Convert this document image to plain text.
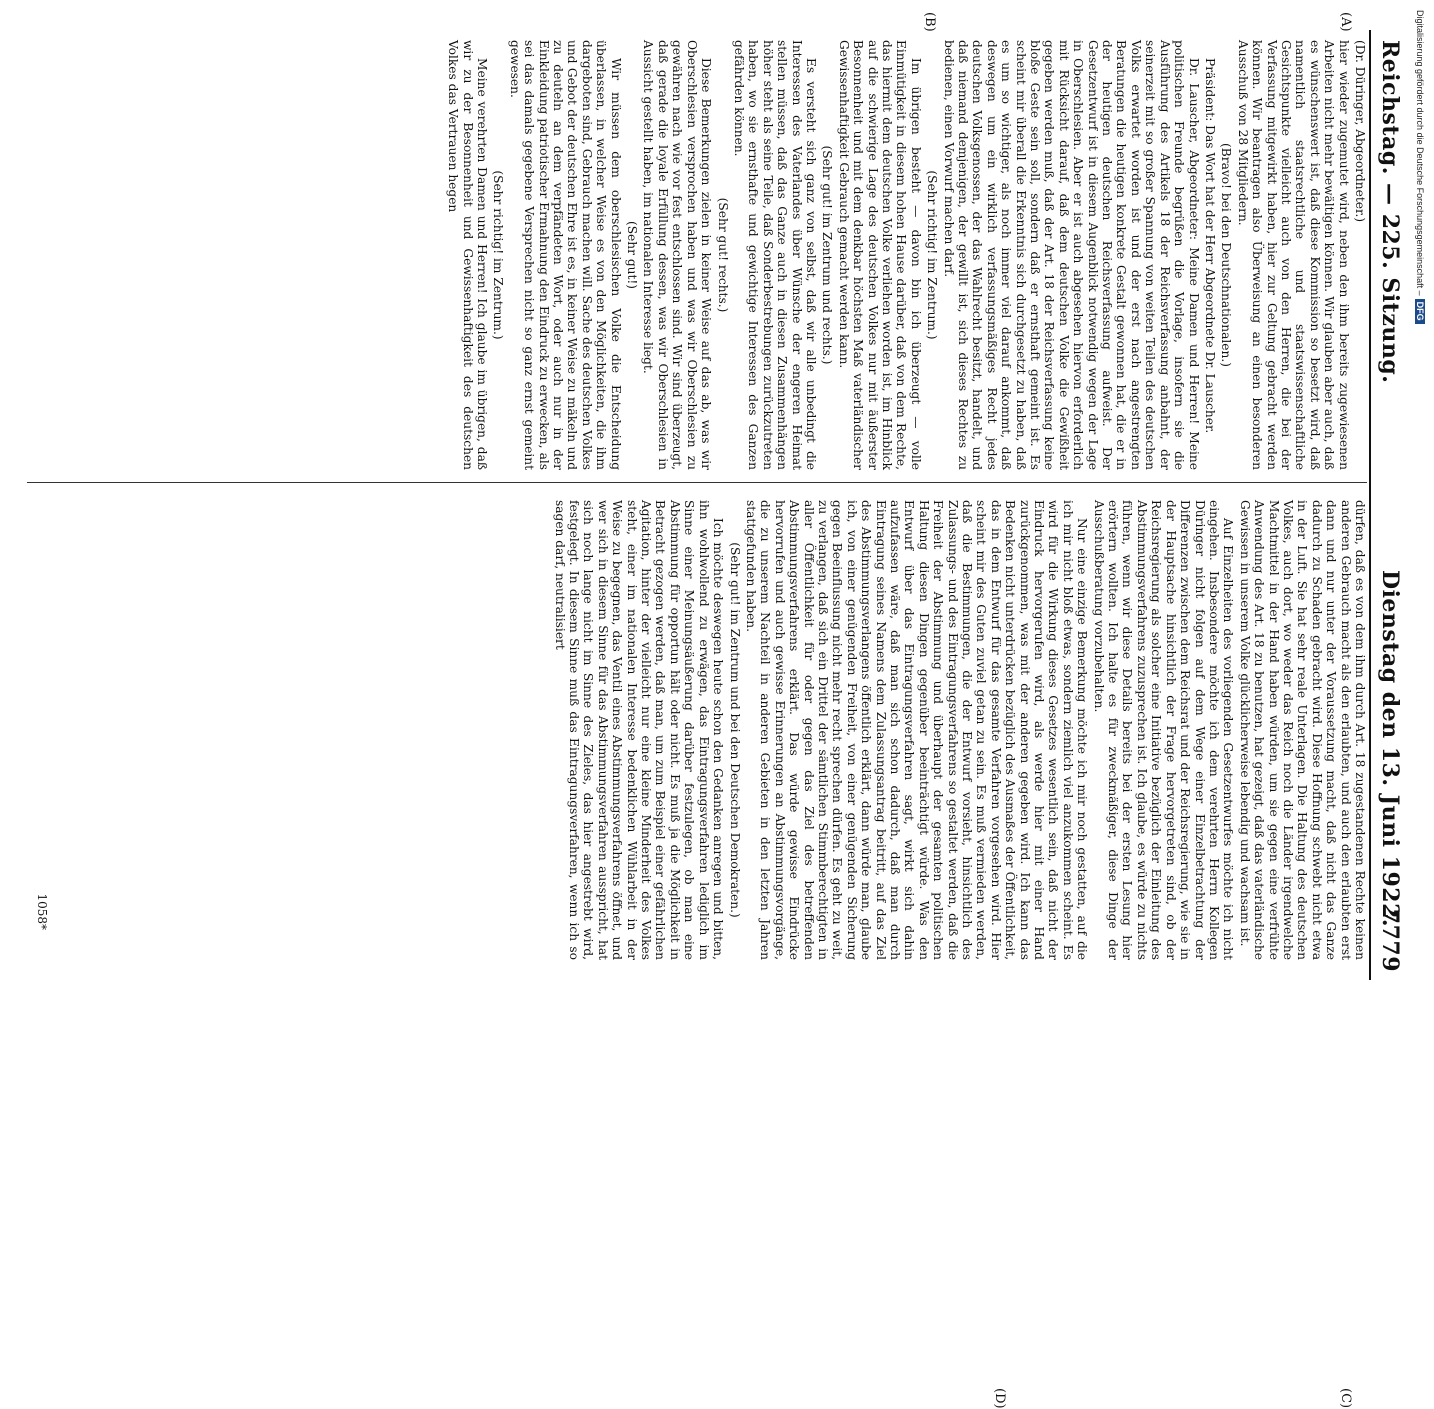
Reichstag. — 225. Sitzung.
Dienstag den 13. Juni 1922.
7779
(A)
(B)
(C)
(D)

(Dr. Düringer, Abgeordneter.)

hier wieder zugemutet wird, neben den ihm bereits zugewiesenen Arbeiten nicht mehr bewältigen können. Wir glauben aber auch, daß es wünschenswert ist, daß diese Kommission so besetzt wird, daß namentlich staatsrechtliche und staatswissenschaftliche Gesichtspunkte vielleicht auch von den Herren, die bei der Verfassung mitgewirkt haben, hier zur Geltung gebracht werden können. Wir beantragen also Überweisung an einen besonderen Ausschuß von 28 Mitgliedern.

(Bravo! bei den Deutschnationalen.)

Präsident: Das Wort hat der Herr Abgeordnete Dr. Lauscher.

Dr. Lauscher, Abgeordneter: Meine Damen und Herren! Meine politischen Freunde begrüßen die Vorlage, insofern sie die Ausführung des Artikels 18 der Reichsverfassung anbahnt, der seinerzeit mit so großer Spannung von weiten Teilen des deutschen Volks erwartet worden ist und der erst nach angestrengten Beratungen die heutigen konkrete Gestalt gewonnen hat, die er in der heutigen deutschen Reichsverfassung aufweist. Der Gesetzentwurf ist in diesem Augenblick notwendig wegen der Lage in Oberschlesien. Aber er ist auch abgesehen hiervon erforderlich mit Rücksicht darauf, daß dem deutschen Volke die Gewißheit gegeben werden muß, daß der Art. 18 der Reichsverfassung keine bloße Geste sein soll, sondern daß er ernsthaft gemeint ist. Es scheint mir überall die Erkenntnis sich durchgesetzt zu haben, daß es um so wichtiger, als noch immer viel darauf ankommt, daß deswegen um ein wirklich verfassungsmäßiges Recht jedes deutschen Volksgenossen, der das Wahlrecht besitzt, handelt, und daß niemand demjenigen, der gewillt ist, sich dieses Rechtes zu bedienen, einen Vorwurf machen darf.

(Sehr richtig! im Zentrum.)

Im übrigen besteht — davon bin ich überzeugt — volle Einmütigkeit in diesem hohen Hause darüber, daß von dem Rechte, das hiermit dem deutschen Volke verliehen worden ist, im Hinblick auf die schwierige Lage des deutschen Volkes nur mit äußerster Besonnenheit und mit dem denkbar höchsten Maß vaterländischer Gewissenhaftigkeit Gebrauch gemacht werden kann.

(Sehr gut! im Zentrum und rechts.)

Es versteht sich ganz von selbst, daß wir alle unbedingt die Interessen des Vaterlandes über Wünsche der engeren Heimat stellen müssen, daß das Ganze auch in diesen Zusammenhängen höher steht als seine Teile, daß Sonderbestrebungen zurückzutreten haben, wo sie ernsthafte und gewichtige Interessen des Ganzen gefährden können.

(Sehr gut! rechts.)

Diese Bemerkungen zielen in keiner Weise auf das ab, was wir Oberschlesien versprochen haben und was wir Oberschlesien zu gewähren nach wie vor fest entschlossen sind. Wir sind überzeugt, daß gerade die loyale Erfüllung dessen, was wir Oberschlesien in Aussicht gestellt haben, im nationalen Interesse liegt.

(Sehr gut!)

Wir müssen dem oberschlesischen Volke die Entscheidung überlassen, in welcher Weise es von den Möglichkeiten, die ihm dargeboten sind, Gebrauch machen will. Sache des deutschen Volkes und Gebot der deutschen Ehre ist es, in keiner Weise zu mäkeln und zu deuteln an dem verpfändeten Wort, oder auch nur in der Einkleidung patriotischer Ermahnung den Eindruck zu erwecken, als sei das damals gegebene Versprechen nicht so ganz ernst gemeint gewesen.

(Sehr richtig! im Zentrum.)

Meine verehrten Damen und Herren! Ich glaube im übrigen, daß wir zu der Besonnenheit und Gewissenhaftigkeit des deutschen Volkes das Vertrauen hegen

dürfen, daß es von dem ihm durch Art. 18 zugestandenen Rechte keinen anderen Gebrauch macht als den erlaubten, und auch den erlaubten erst dann und nur unter der Voraussetzung macht, daß nicht das Ganze dadurch zu Schaden gebracht wird. Diese Hoffnung schwebt nicht etwa in der Luft. Sie hat sehr reale Unterlagen. Die Haltung des deutschen Volkes, auch dort, wo weder das Reich noch die Länder irgendwelche Machtmittel in der Hand haben würden, um sie gegen eine verfrühte Anwendung des Art. 18 zu benutzen, hat gezeigt, daß das vaterländische Gewissen in unserem Volke glücklicherweise lebendig und wachsam ist.

Auf Einzelheiten des vorliegenden Gesetzentwurfes möchte ich nicht eingehen. Insbesondere möchte ich dem verehrten Herrn Kollegen Düringer nicht folgen auf dem Wege einer Einzelbetrachtung der Differenzen zwischen dem Reichsrat und der Reichsregierung, wie sie in der Hauptsache hinsichtlich der Frage hervorgetreten sind, ob der Reichsregierung als solcher eine Initiative bezüglich der Einleitung des Abstimmungsverfahrens zuzusprechen ist. Ich glaube, es würde zu nichts führen, wenn wir diese Details bereits bei der ersten Lesung hier erörtern wollten. Ich halte es für zweckmäßiger, diese Dinge der Ausschußberatung vorzubehalten.

Nur eine einzige Bemerkung möchte ich mir noch gestatten, auf die ich mir nicht bloß etwas, sondern ziemlich viel anzukommen scheint. Es wird für die Wirkung dieses Gesetzes wesentlich sein, daß nicht der Eindruck hervorgerufen wird, als werde hier mit einer Hand zurückgenommen, was mit der anderen gegeben wird. Ich kann das Bedenken nicht unterdrücken bezüglich des Ausmaßes der Öffentlichkeit, das in dem Entwurf für das gesamte Verfahren vorgesehen wird. Hier scheint mir des Guten zuviel getan zu sein. Es muß vermieden werden, daß die Bestimmungen, die der Entwurf vorsieht, hinsichtlich des Zulassungs- und des Eintragungsverfahrens so gestaltet werden, daß die Freiheit der Abstimmung und überhaupt der gesamten politischen Haltung diesen Dingen gegenüber beeinträchtigt würde. Was den Entwurf über das Eintragungsverfahren sagt, wirkt sich dahin aufzufassen wäre, daß man sich schon dadurch, daß man durch Eintragung seines Namens dem Zulassungsantrag beitritt, auf das Ziel des Abstimmungsverlangens öffentlich erklärt, dann würde man, glaube ich, von einer genügenden Freiheit, von einer genügenden Sicherung gegen Beeinflussung nicht mehr recht sprechen dürfen. Es geht zu weit, zu verlangen, daß sich ein Drittel der sämtlichen Stimmberechtigten in aller Öffentlichkeit für oder gegen das Ziel des betreffenden Abstimmungsverfahrens erklärt. Das würde gewisse Eindrücke hervorrufen und auch gewisse Erinnerungen an Abstimmungsvorgänge, die zu unserem Nachteil in anderen Gebieten in den letzten Jahren stattgefunden haben.

(Sehr gut! im Zentrum und bei den Deutschen Demokraten.)

Ich möchte deswegen heute schon den Gedanken anregen und bitten, ihn wohlwollend zu erwägen, das Eintragungsverfahren lediglich im Sinne einer Meinungsäußerung darüber festzulegen, ob man eine Abstimmung für opportun hält oder nicht. Es muß ja die Möglichkeit in Betracht gezogen werden, daß man, um zum Beispiel einer gefährlichen Agitation, hinter der vielleicht nur eine kleine Minderheit des Volkes steht, einer im nationalen Interesse bedenklichen Wühlarbeit in der Weise zu begegnen, das Ventil eines Abstimmungsverfahrens öffnet, und wer sich in diesem Sinne für das Abstimmungsverfahren ausspricht, hat sich noch lange nicht im Sinne des Zieles, das hier angestrebt wird, festgelegt. In diesem Sinne muß das Eintragungsverfahren, wenn ich so sagen darf, neutralisiert

1058*
Digitalisierung gefördert durch die Deutsche Forschungsgemeinschaft –DFG
